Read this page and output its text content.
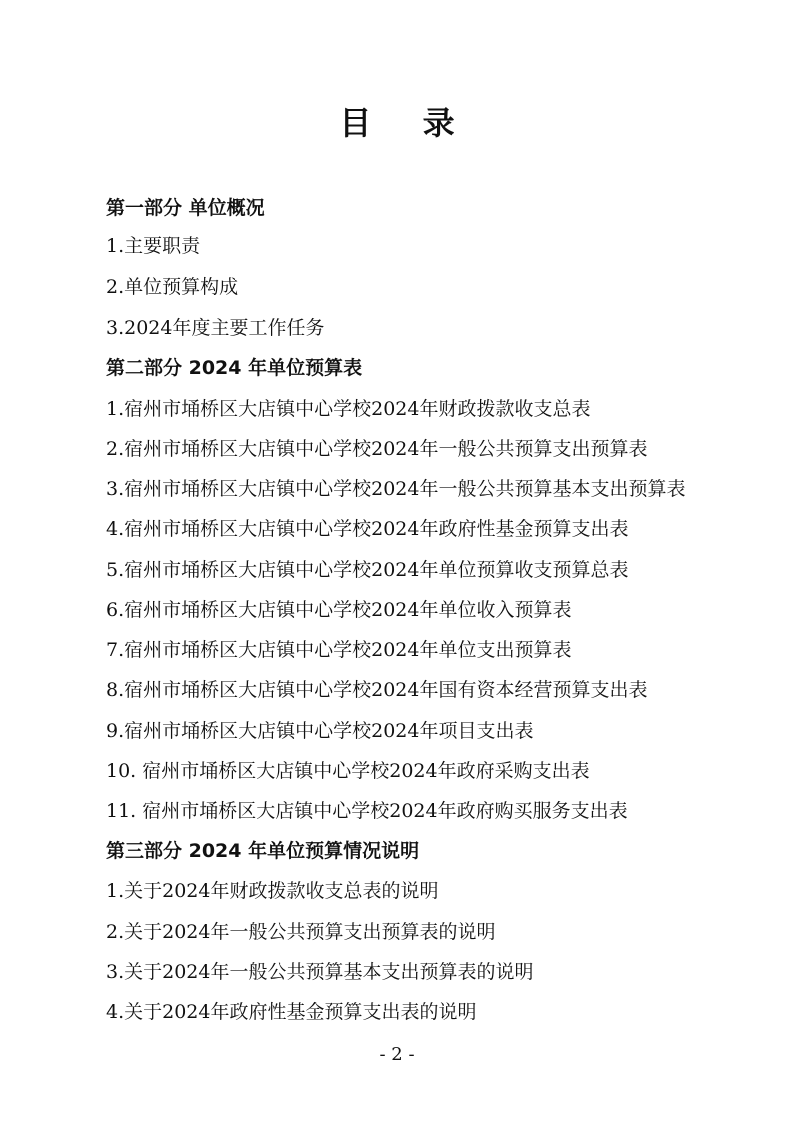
目 录
第一部分 单位概况
1.主要职责
2.单位预算构成
3.2024年度主要工作任务
第二部分 2024 年单位预算表
1.宿州市埇桥区大店镇中心学校2024年财政拨款收支总表
2.宿州市埇桥区大店镇中心学校2024年一般公共预算支出预算表
3.宿州市埇桥区大店镇中心学校2024年一般公共预算基本支出预算表
4.宿州市埇桥区大店镇中心学校2024年政府性基金预算支出表
5.宿州市埇桥区大店镇中心学校2024年单位预算收支预算总表
6.宿州市埇桥区大店镇中心学校2024年单位收入预算表
7.宿州市埇桥区大店镇中心学校2024年单位支出预算表
8.宿州市埇桥区大店镇中心学校2024年国有资本经营预算支出表
9.宿州市埇桥区大店镇中心学校2024年项目支出表
10. 宿州市埇桥区大店镇中心学校2024年政府采购支出表
11. 宿州市埇桥区大店镇中心学校2024年政府购买服务支出表
第三部分 2024 年单位预算情况说明
1.关于2024年财政拨款收支总表的说明
2.关于2024年一般公共预算支出预算表的说明
3.关于2024年一般公共预算基本支出预算表的说明
4.关于2024年政府性基金预算支出表的说明
- 2 -
